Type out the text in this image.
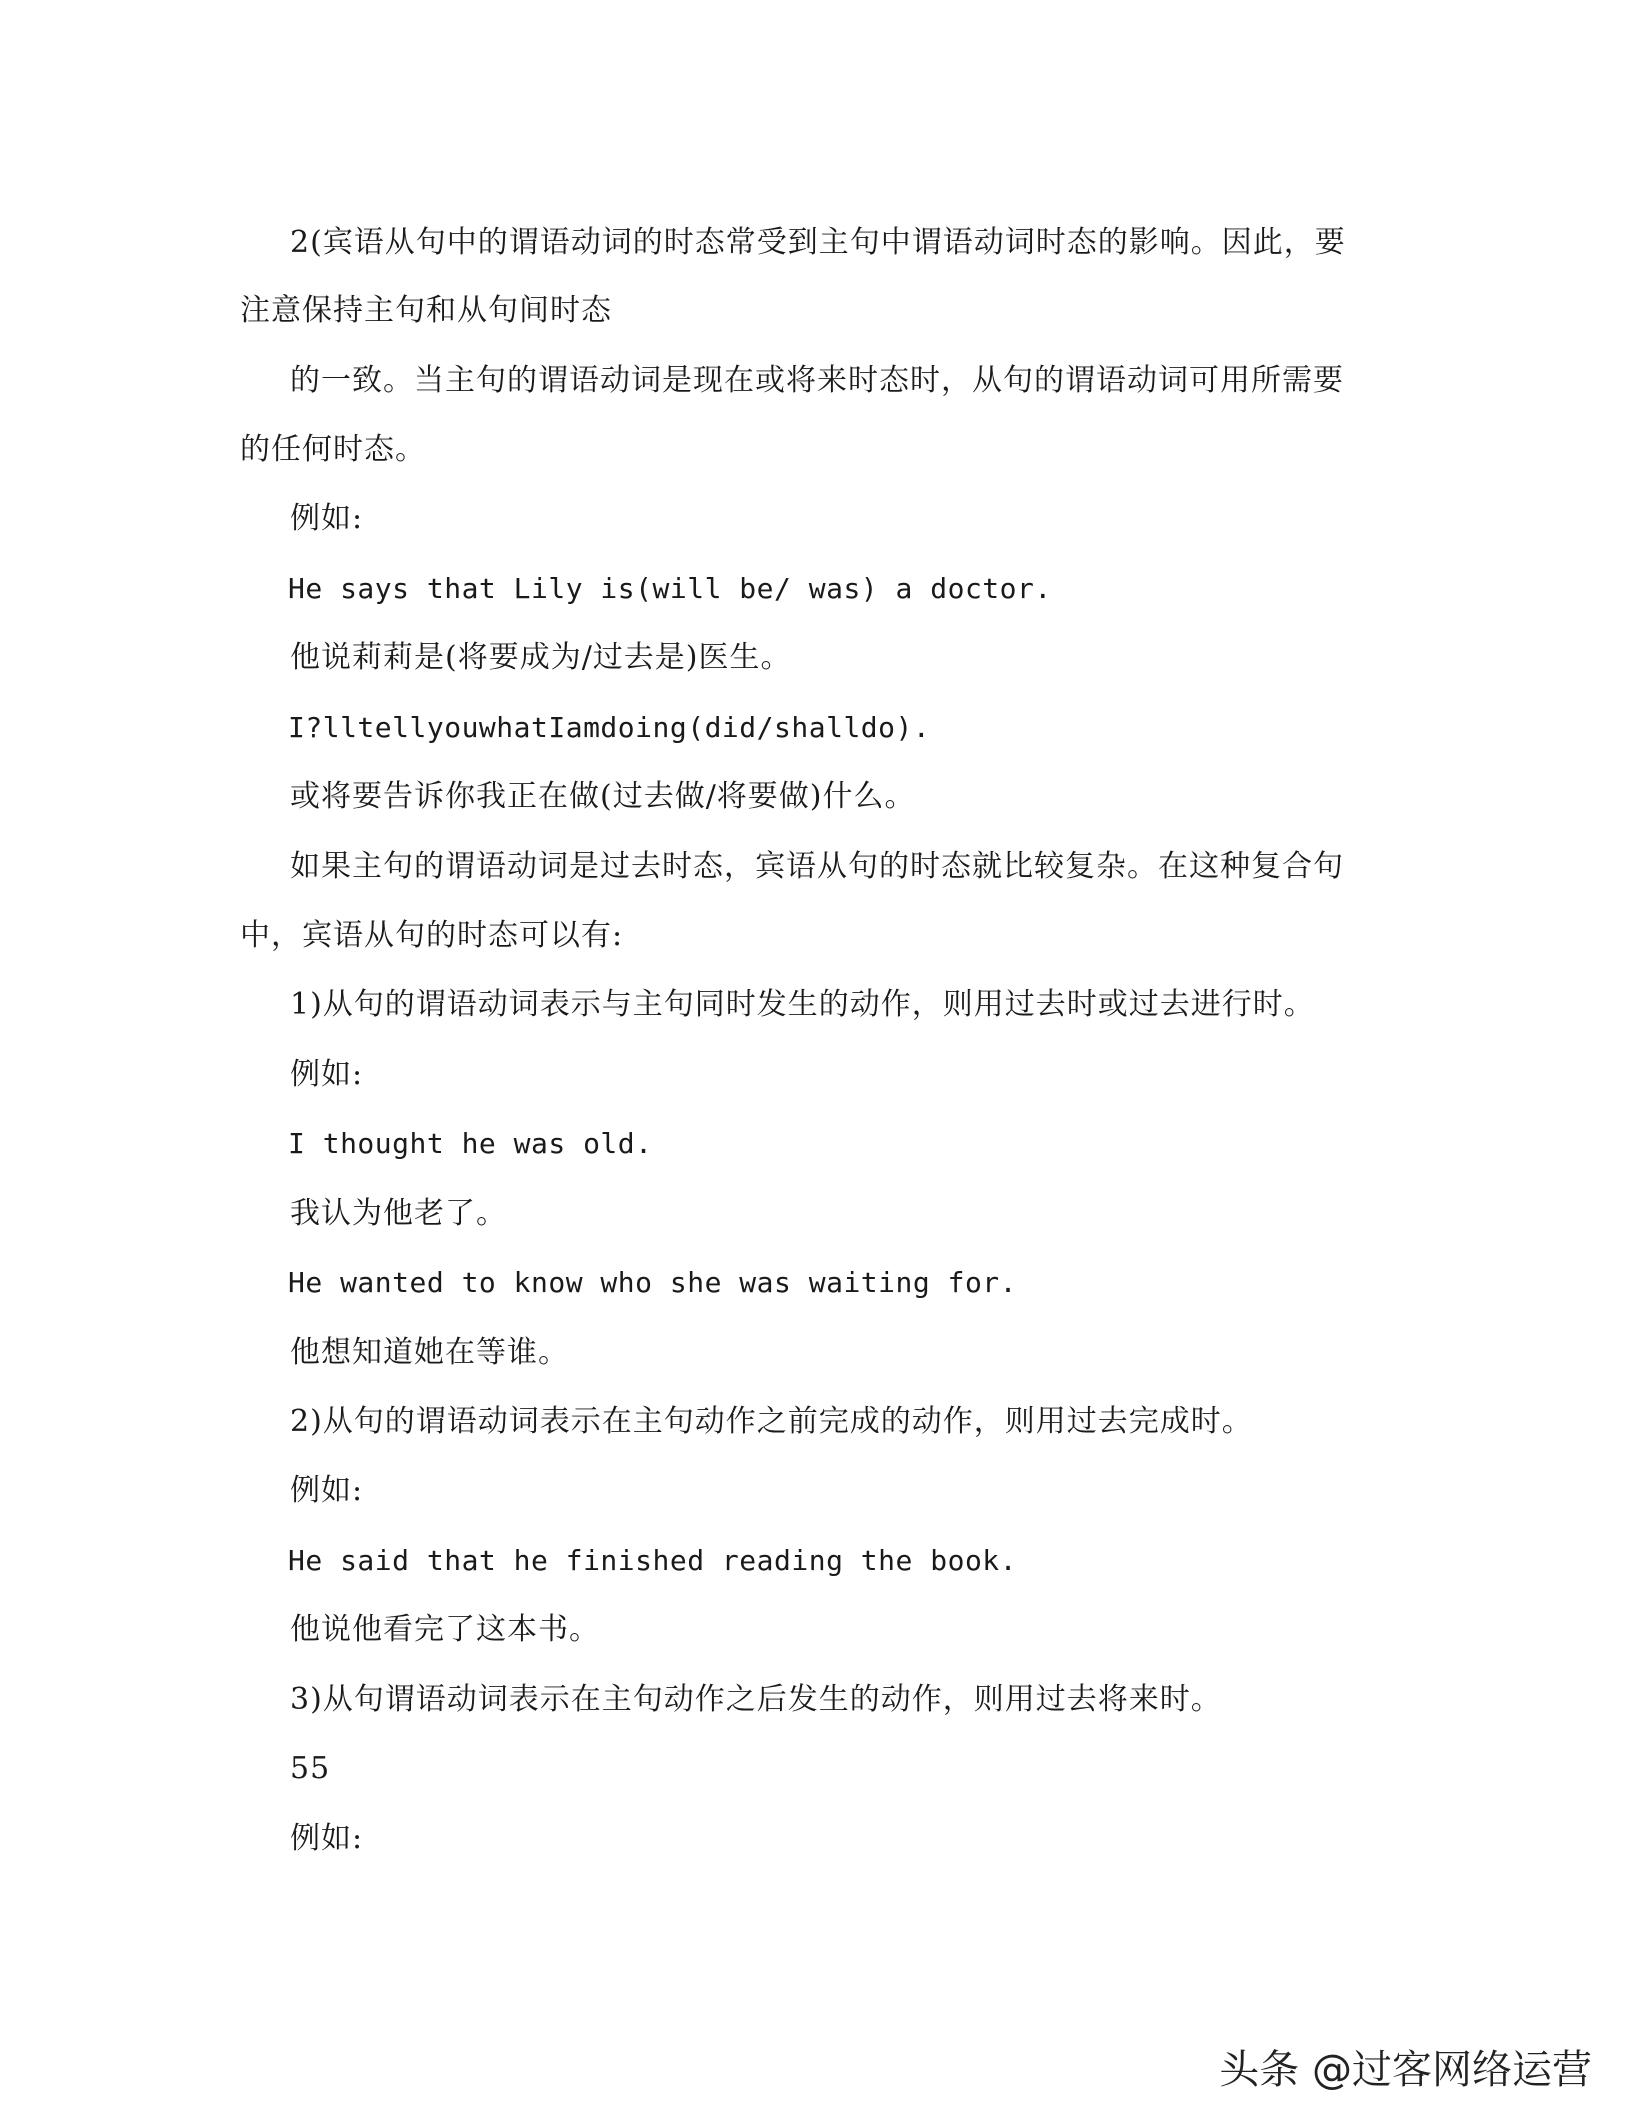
2(宾语从句中的谓语动词的时态常受到主句中谓语动词时态的影响。因此，要
注意保持主句和从句间时态
的一致。当主句的谓语动词是现在或将来时态时，从句的谓语动词可用所需要
的任何时态。
例如:
He says that Lily is(will be/ was) a doctor.
他说莉莉是(将要成为/过去是)医生。
I?lltellyouwhatIamdoing(did/shalldo).
或将要告诉你我正在做(过去做/将要做)什么。
如果主句的谓语动词是过去时态，宾语从句的时态就比较复杂。在这种复合句
中，宾语从句的时态可以有:
1)从句的谓语动词表示与主句同时发生的动作，则用过去时或过去进行时。
例如:
I thought he was old.
我认为他老了。
He wanted to know who she was waiting for.
他想知道她在等谁。
2)从句的谓语动词表示在主句动作之前完成的动作，则用过去完成时。
例如:
He said that he finished reading the book.
他说他看完了这本书。
3)从句谓语动词表示在主句动作之后发生的动作，则用过去将来时。
55
例如:
头条 @过客网络运营
